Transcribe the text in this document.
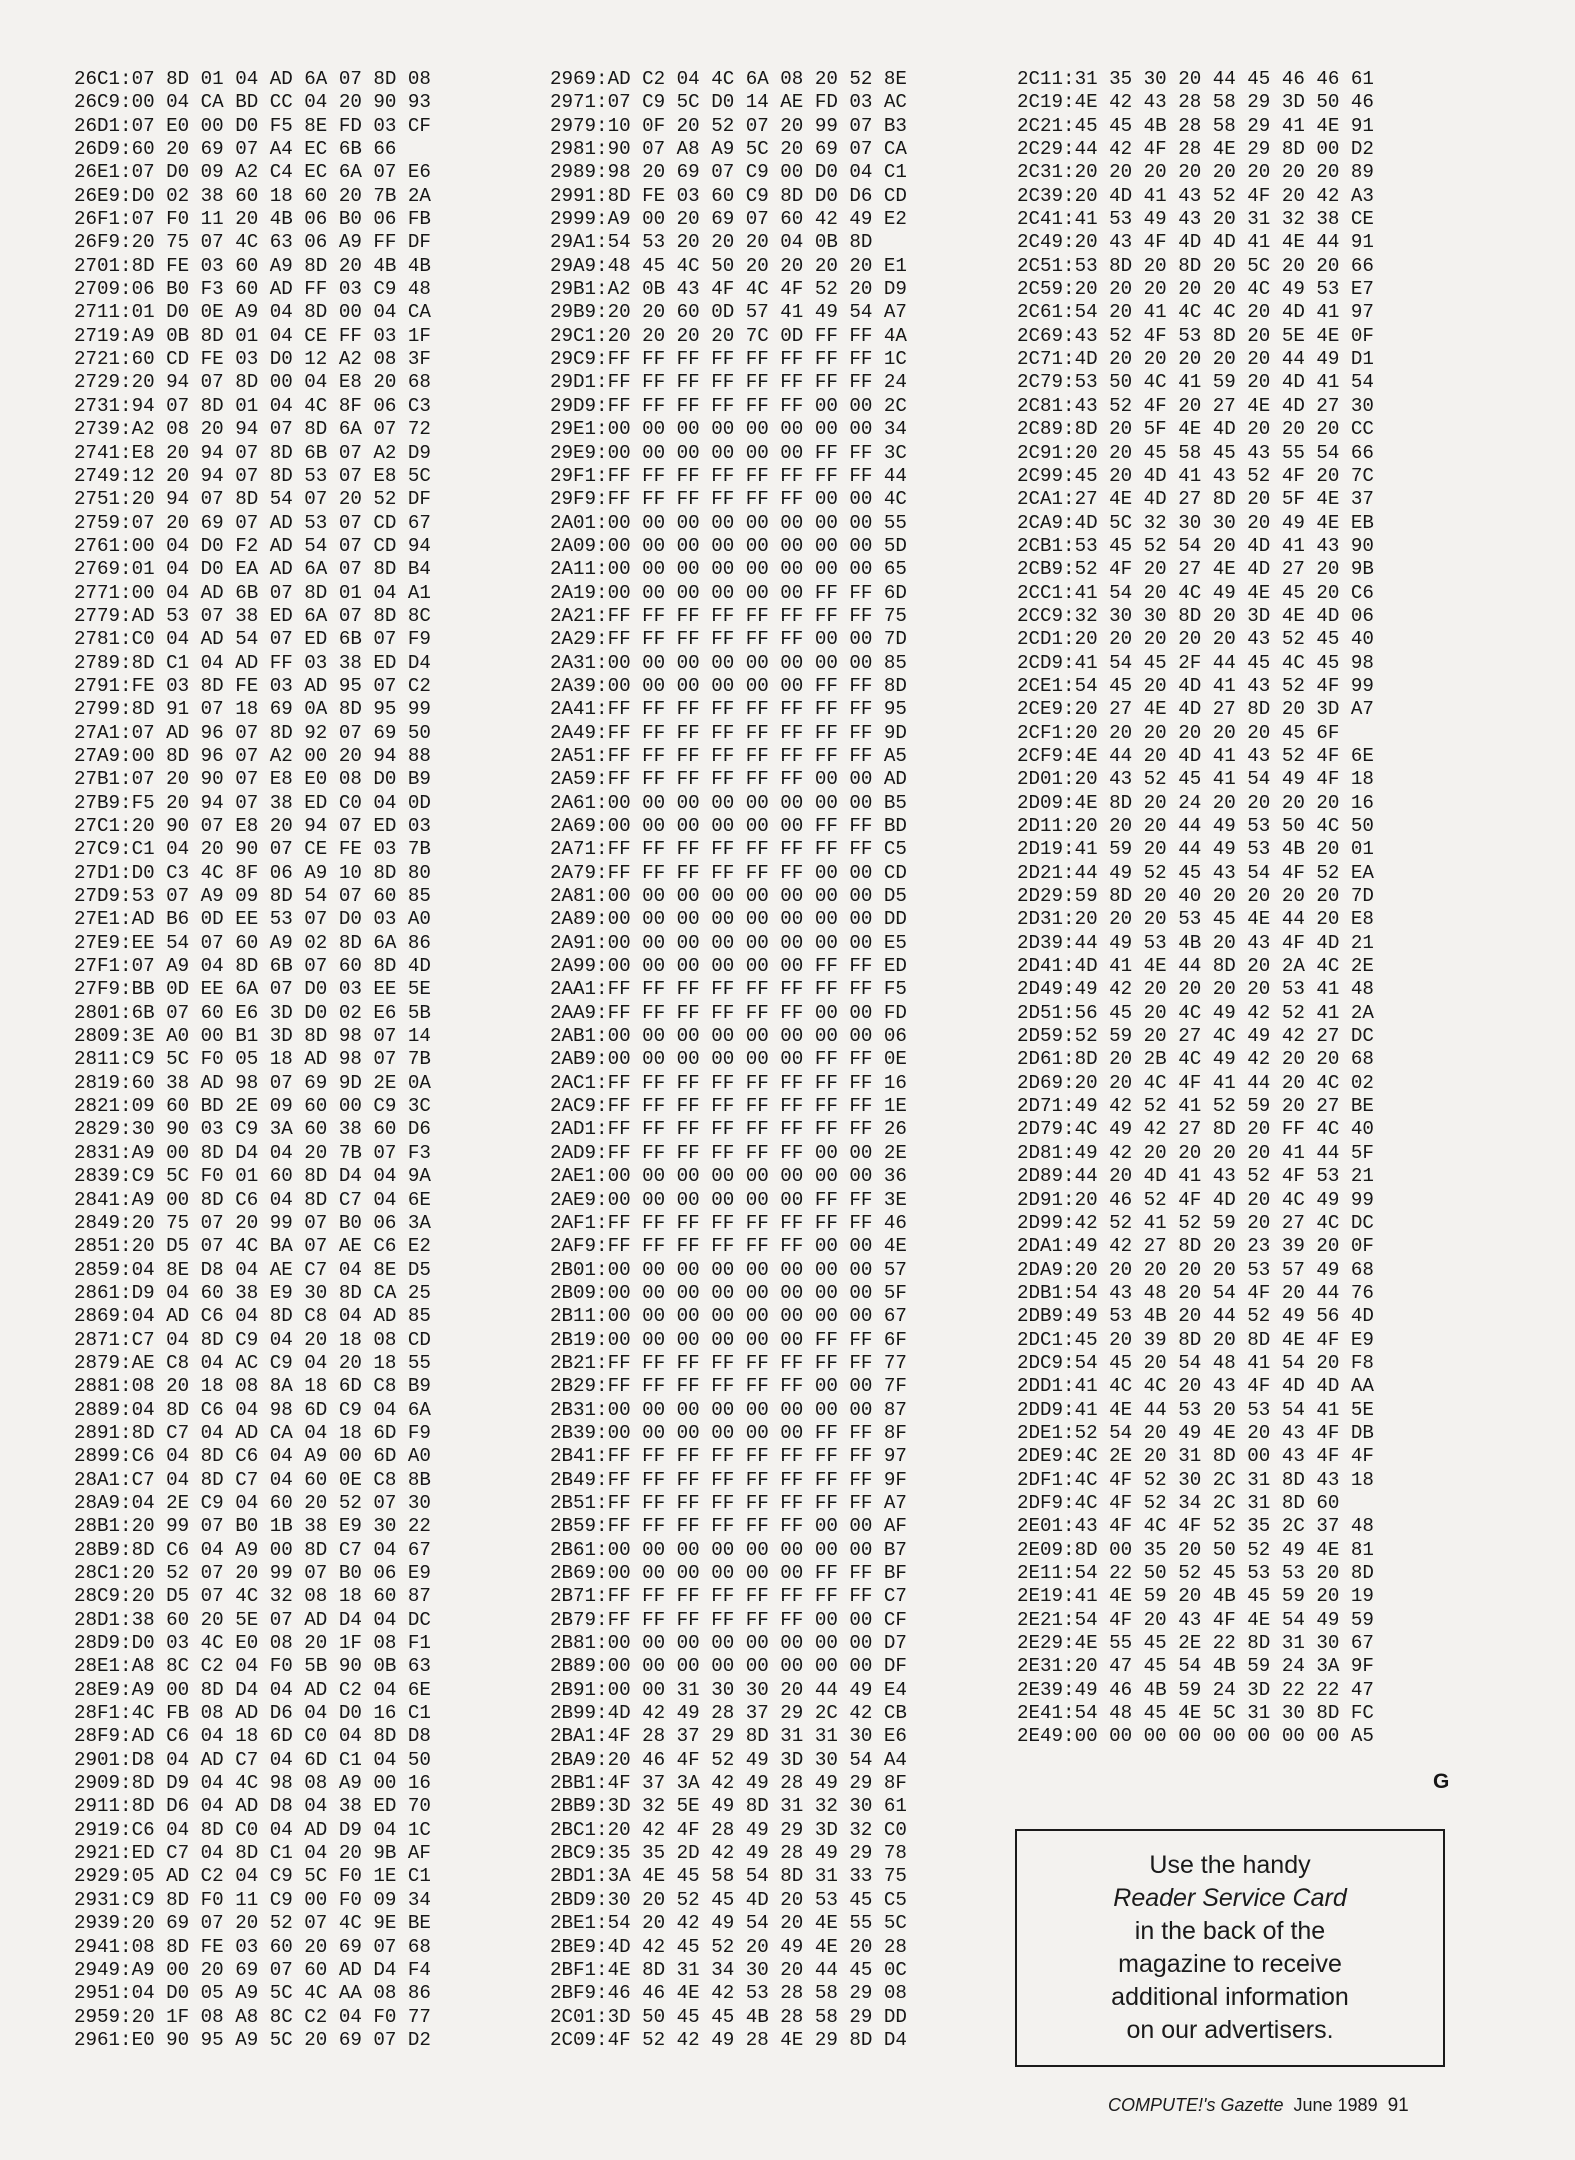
26C1:07 8D 01 04 AD 6A 07 8D 08
26C9:00 04 CA BD CC 04 20 90 93
26D1:07 E0 00 D0 F5 8E FD 03 CF
26D9:60 20 69 07 A4 EC 6B 66
26E1:07 D0 09 A2 C4 EC 6A 07 E6
26E9:D0 02 38 60 18 60 20 7B 2A
26F1:07 F0 11 20 4B 06 B0 06 FB
26F9:20 75 07 4C 63 06 A9 FF DF
2701:8D FE 03 60 A9 8D 20 4B 4B
2709:06 B0 F3 60 AD FF 03 C9 48
2711:01 D0 0E A9 04 8D 00 04 CA
2719:A9 0B 8D 01 04 CE FF 03 1F
2721:60 CD FE 03 D0 12 A2 08 3F
2729:20 94 07 8D 00 04 E8 20 68
2731:94 07 8D 01 04 4C 8F 06 C3
2739:A2 08 20 94 07 8D 6A 07 72
2741:E8 20 94 07 8D 6B 07 A2 D9
2749:12 20 94 07 8D 53 07 E8 5C
2751:20 94 07 8D 54 07 20 52 DF
2759:07 20 69 07 AD 53 07 CD 67
2761:00 04 D0 F2 AD 54 07 CD 94
2769:01 04 D0 EA AD 6A 07 8D B4
2771:00 04 AD 6B 07 8D 01 04 A1
2779:AD 53 07 38 ED 6A 07 8D 8C
2781:C0 04 AD 54 07 ED 6B 07 F9
2789:8D C1 04 AD FF 03 38 ED D4
2791:FE 03 8D FE 03 AD 95 07 C2
2799:8D 91 07 18 69 0A 8D 95 99
27A1:07 AD 96 07 8D 92 07 69 50
27A9:00 8D 96 07 A2 00 20 94 88
27B1:07 20 90 07 E8 E0 08 D0 B9
27B9:F5 20 94 07 38 ED C0 04 0D
27C1:20 90 07 E8 20 94 07 ED 03
27C9:C1 04 20 90 07 CE FE 03 7B
27D1:D0 C3 4C 8F 06 A9 10 8D 80
27D9:53 07 A9 09 8D 54 07 60 85
27E1:AD B6 0D EE 53 07 D0 03 A0
27E9:EE 54 07 60 A9 02 8D 6A 86
27F1:07 A9 04 8D 6B 07 60 8D 4D
27F9:BB 0D EE 6A 07 D0 03 EE 5E
2801:6B 07 60 E6 3D D0 02 E6 5B
2809:3E A0 00 B1 3D 8D 98 07 14
2811:C9 5C F0 05 18 AD 98 07 7B
2819:60 38 AD 98 07 69 9D 2E 0A
2821:09 60 BD 2E 09 60 00 C9 3C
2829:30 90 03 C9 3A 60 38 60 D6
2831:A9 00 8D D4 04 20 7B 07 F3
2839:C9 5C F0 01 60 8D D4 04 9A
2841:A9 00 8D C6 04 8D C7 04 6E
2849:20 75 07 20 99 07 B0 06 3A
2851:20 D5 07 4C BA 07 AE C6 E2
2859:04 8E D8 04 AE C7 04 8E D5
2861:D9 04 60 38 E9 30 8D CA 25
2869:04 AD C6 04 8D C8 04 AD 85
2871:C7 04 8D C9 04 20 18 08 CD
2879:AE C8 04 AC C9 04 20 18 55
2881:08 20 18 08 8A 18 6D C8 B9
2889:04 8D C6 04 98 6D C9 04 6A
2891:8D C7 04 AD CA 04 18 6D F9
2899:C6 04 8D C6 04 A9 00 6D A0
28A1:C7 04 8D C7 04 60 0E C8 8B
28A9:04 2E C9 04 60 20 52 07 30
28B1:20 99 07 B0 1B 38 E9 30 22
28B9:8D C6 04 A9 00 8D C7 04 67
28C1:20 52 07 20 99 07 B0 06 E9
28C9:20 D5 07 4C 32 08 18 60 87
28D1:38 60 20 5E 07 AD D4 04 DC
28D9:D0 03 4C E0 08 20 1F 08 F1
28E1:A8 8C C2 04 F0 5B 90 0B 63
28E9:A9 00 8D D4 04 AD C2 04 6E
28F1:4C FB 08 AD D6 04 D0 16 C1
28F9:AD C6 04 18 6D C0 04 8D D8
2901:D8 04 AD C7 04 6D C1 04 50
2909:8D D9 04 4C 98 08 A9 00 16
2911:8D D6 04 AD D8 04 38 ED 70
2919:C6 04 8D C0 04 AD D9 04 1C
2921:ED C7 04 8D C1 04 20 9B AF
2929:05 AD C2 04 C9 5C F0 1E C1
2931:C9 8D F0 11 C9 00 F0 09 34
2939:20 69 07 20 52 07 4C 9E BE
2941:08 8D FE 03 60 20 69 07 68
2949:A9 00 20 69 07 60 AD D4 F4
2951:04 D0 05 A9 5C 4C AA 08 86
2959:20 1F 08 A8 8C C2 04 F0 77
2961:E0 90 95 A9 5C 20 69 07 D2
2969:AD C2 04 4C 6A 08 20 52 8E
2971:07 C9 5C D0 14 AE FD 03 AC
2979:10 0F 20 52 07 20 99 07 B3
2981:90 07 A8 A9 5C 20 69 07 CA
2989:98 20 69 07 C9 00 D0 04 C1
2991:8D FE 03 60 C9 8D D0 D6 CD
2999:A9 00 20 69 07 60 42 49 E2
29A1:54 53 20 20 20 04 0B 8D
29A9:48 45 4C 50 20 20 20 20 E1
29B1:A2 0B 43 4F 4C 4F 52 20 D9
29B9:20 20 60 0D 57 41 49 54 A7
29C1:20 20 20 20 7C 0D FF FF 4A
29C9:FF FF FF FF FF FF FF FF 1C
29D1:FF FF FF FF FF FF FF FF 24
29D9:FF FF FF FF FF FF 00 00 2C
29E1:00 00 00 00 00 00 00 00 34
29E9:00 00 00 00 00 00 FF FF 3C
29F1:FF FF FF FF FF FF FF FF 44
29F9:FF FF FF FF FF FF 00 00 4C
2A01:00 00 00 00 00 00 00 00 55
2A09:00 00 00 00 00 00 00 00 5D
2A11:00 00 00 00 00 00 00 00 65
2A19:00 00 00 00 00 00 FF FF 6D
2A21:FF FF FF FF FF FF FF FF 75
2A29:FF FF FF FF FF FF 00 00 7D
2A31:00 00 00 00 00 00 00 00 85
2A39:00 00 00 00 00 00 FF FF 8D
2A41:FF FF FF FF FF FF FF FF 95
2A49:FF FF FF FF FF FF FF FF 9D
2A51:FF FF FF FF FF FF FF FF A5
2A59:FF FF FF FF FF FF 00 00 AD
2A61:00 00 00 00 00 00 00 00 B5
2A69:00 00 00 00 00 00 FF FF BD
2A71:FF FF FF FF FF FF FF FF C5
2A79:FF FF FF FF FF FF 00 00 CD
2A81:00 00 00 00 00 00 00 00 D5
2A89:00 00 00 00 00 00 00 00 DD
2A91:00 00 00 00 00 00 00 00 E5
2A99:00 00 00 00 00 00 FF FF ED
2AA1:FF FF FF FF FF FF FF FF F5
2AA9:FF FF FF FF FF FF 00 00 FD
2AB1:00 00 00 00 00 00 00 00 06
2AB9:00 00 00 00 00 00 FF FF 0E
2AC1:FF FF FF FF FF FF FF FF 16
2AC9:FF FF FF FF FF FF FF FF 1E
2AD1:FF FF FF FF FF FF FF FF 26
2AD9:FF FF FF FF FF FF 00 00 2E
2AE1:00 00 00 00 00 00 00 00 36
2AE9:00 00 00 00 00 00 FF FF 3E
2AF1:FF FF FF FF FF FF FF FF 46
2AF9:FF FF FF FF FF FF 00 00 4E
2B01:00 00 00 00 00 00 00 00 57
2B09:00 00 00 00 00 00 00 00 5F
2B11:00 00 00 00 00 00 00 00 67
2B19:00 00 00 00 00 00 FF FF 6F
2B21:FF FF FF FF FF FF FF FF 77
2B29:FF FF FF FF FF FF 00 00 7F
2B31:00 00 00 00 00 00 00 00 87
2B39:00 00 00 00 00 00 FF FF 8F
2B41:FF FF FF FF FF FF FF FF 97
2B49:FF FF FF FF FF FF FF FF 9F
2B51:FF FF FF FF FF FF FF FF A7
2B59:FF FF FF FF FF FF 00 00 AF
2B61:00 00 00 00 00 00 00 00 B7
2B69:00 00 00 00 00 00 FF FF BF
2B71:FF FF FF FF FF FF FF FF C7
2B79:FF FF FF FF FF FF 00 00 CF
2B81:00 00 00 00 00 00 00 00 D7
2B89:00 00 00 00 00 00 00 00 DF
2B91:00 00 31 30 30 20 44 49 E4
2B99:4D 42 49 28 37 29 2C 42 CB
2BA1:4F 28 37 29 8D 31 31 30 E6
2BA9:20 46 4F 52 49 3D 30 54 A4
2BB1:4F 37 3A 42 49 28 49 29 8F
2BB9:3D 32 5E 49 8D 31 32 30 61
2BC1:20 42 4F 28 49 29 3D 32 C0
2BC9:35 35 2D 42 49 28 49 29 78
2BD1:3A 4E 45 58 54 8D 31 33 75
2BD9:30 20 52 45 4D 20 53 45 C5
2BE1:54 20 42 49 54 20 4E 55 5C
2BE9:4D 42 45 52 20 49 4E 20 28
2BF1:4E 8D 31 34 30 20 44 45 0C
2BF9:46 46 4E 42 53 28 58 29 08
2C01:3D 50 45 45 4B 28 58 29 DD
2C09:4F 52 42 49 28 4E 29 8D D4
2C11:31 35 30 20 44 45 46 46 61
2C19:4E 42 43 28 58 29 3D 50 46
2C21:45 45 4B 28 58 29 41 4E 91
2C29:44 42 4F 28 4E 29 8D 00 D2
2C31:20 20 20 20 20 20 20 20 89
2C39:20 4D 41 43 52 4F 20 42 A3
2C41:41 53 49 43 20 31 32 38 CE
2C49:20 43 4F 4D 4D 41 4E 44 91
2C51:53 8D 20 8D 20 5C 20 20 66
2C59:20 20 20 20 20 4C 49 53 E7
2C61:54 20 41 4C 4C 20 4D 41 97
2C69:43 52 4F 53 8D 20 5E 4E 0F
2C71:4D 20 20 20 20 20 44 49 D1
2C79:53 50 4C 41 59 20 4D 41 54
2C81:43 52 4F 20 27 4E 4D 27 30
2C89:8D 20 5F 4E 4D 20 20 20 CC
2C91:20 20 45 58 45 43 55 54 66
2C99:45 20 4D 41 43 52 4F 20 7C
2CA1:27 4E 4D 27 8D 20 5F 4E 37
2CA9:4D 5C 32 30 30 20 49 4E EB
2CB1:53 45 52 54 20 4D 41 43 90
2CB9:52 4F 20 27 4E 4D 27 20 9B
2CC1:41 54 20 4C 49 4E 45 20 C6
2CC9:32 30 30 8D 20 3D 4E 4D 06
2CD1:20 20 20 20 20 43 52 45 40
2CD9:41 54 45 2F 44 45 4C 45 98
2CE1:54 45 20 4D 41 43 52 4F 99
2CE9:20 27 4E 4D 27 8D 20 3D A7
2CF1:20 20 20 20 20 20 45 6F
2CF9:4E 44 20 4D 41 43 52 4F 6E
2D01:20 43 52 45 41 54 49 4F 18
2D09:4E 8D 20 24 20 20 20 20 16
2D11:20 20 20 44 49 53 50 4C 50
2D19:41 59 20 44 49 53 4B 20 01
2D21:44 49 52 45 43 54 4F 52 EA
2D29:59 8D 20 40 20 20 20 20 7D
2D31:20 20 20 53 45 4E 44 20 E8
2D39:44 49 53 4B 20 43 4F 4D 21
2D41:4D 41 4E 44 8D 20 2A 4C 2E
2D49:49 42 20 20 20 20 53 41 48
2D51:56 45 20 4C 49 42 52 41 2A
2D59:52 59 20 27 4C 49 42 27 DC
2D61:8D 20 2B 4C 49 42 20 20 68
2D69:20 20 4C 4F 41 44 20 4C 02
2D71:49 42 52 41 52 59 20 27 BE
2D79:4C 49 42 27 8D 20 FF 4C 40
2D81:49 42 20 20 20 20 41 44 5F
2D89:44 20 4D 41 43 52 4F 53 21
2D91:20 46 52 4F 4D 20 4C 49 99
2D99:42 52 41 52 59 20 27 4C DC
2DA1:49 42 27 8D 20 23 39 20 0F
2DA9:20 20 20 20 20 53 57 49 68
2DB1:54 43 48 20 54 4F 20 44 76
2DB9:49 53 4B 20 44 52 49 56 4D
2DC1:45 20 39 8D 20 8D 4E 4F E9
2DC9:54 45 20 54 48 41 54 20 F8
2DD1:41 4C 4C 20 43 4F 4D 4D AA
2DD9:41 4E 44 53 20 53 54 41 5E
2DE1:52 54 20 49 4E 20 43 4F DB
2DE9:4C 2E 20 31 8D 00 43 4F 4F
2DF1:4C 4F 52 30 2C 31 8D 43 18
2DF9:4C 4F 52 34 2C 31 8D 60
2E01:43 4F 4C 4F 52 35 2C 37 48
2E09:8D 00 35 20 50 52 49 4E 81
2E11:54 22 50 52 45 53 53 20 8D
2E19:41 4E 59 20 4B 45 59 20 19
2E21:54 4F 20 43 4F 4E 54 49 59
2E29:4E 55 45 2E 22 8D 31 30 67
2E31:20 47 45 54 4B 59 24 3A 9F
2E39:49 46 4B 59 24 3D 22 22 47
2E41:54 48 45 4E 5C 31 30 8D FC
2E49:00 00 00 00 00 00 00 00 A5
G
Use the handy
Reader Service Card
in the back of the
magazine to receive
additional information
on our advertisers.
COMPUTE!'s Gazette June 1989 91
